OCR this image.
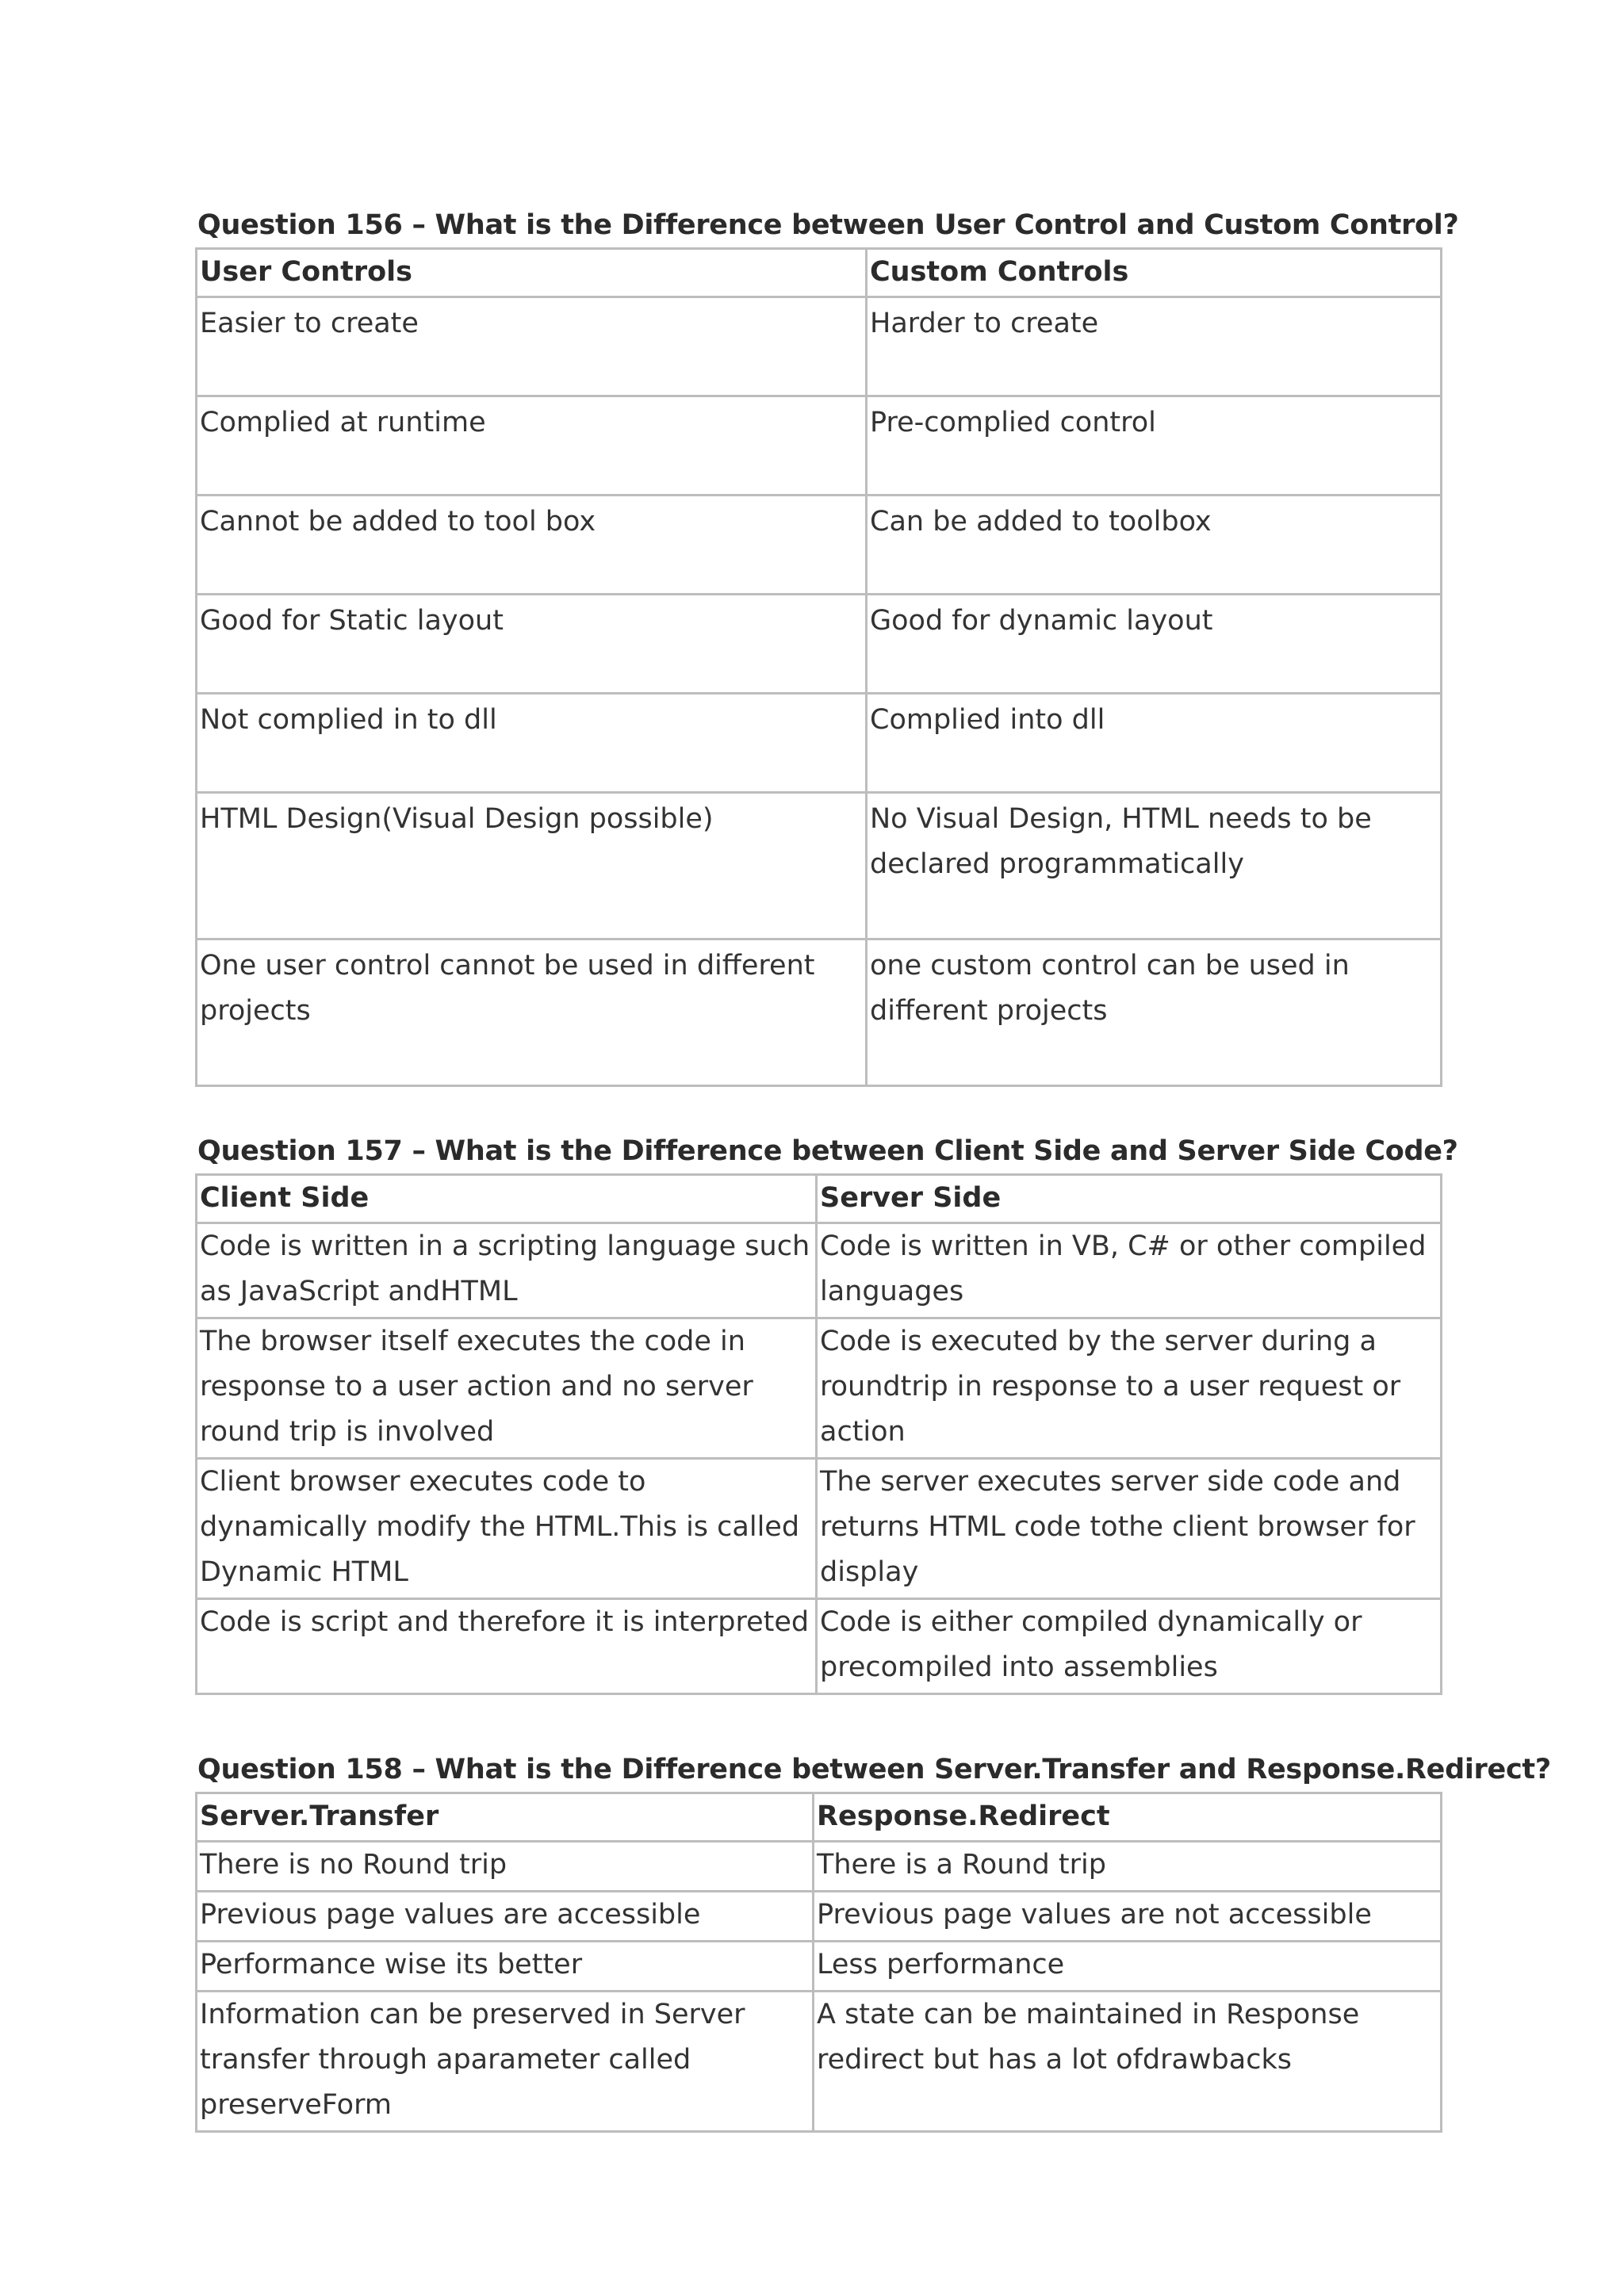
Question 156 – What is the Difference between User Control and Custom Control?
User Controls	Custom Controls
Easier to create	Harder to create
Complied at runtime	Pre-complied control
Cannot be added to tool box	Can be added to toolbox
Good for Static layout	Good for dynamic layout
Not complied in to dll	Complied into dll
HTML Design(Visual Design possible)	No Visual Design, HTML needs to be declared programmatically
One user control cannot be used in different projects	one custom control can be used in different projects
Question 157 – What is the Difference between Client Side and Server Side Code?
Client Side	Server Side
Code is written in a scripting language such as JavaScript andHTML	Code is written in VB, C# or other compiled languages
The browser itself executes the code in response to a user action and no server round trip is involved	Code is executed by the server during a roundtrip in response to a user request or action
Client browser executes code to dynamically modify the HTML.This is called Dynamic HTML	The server executes server side code and returns HTML code tothe client browser for display
Code is script and therefore it is interpreted	Code is either compiled dynamically or precompiled into assemblies
Question 158 – What is the Difference between Server.Transfer and Response.Redirect?
Server.Transfer	Response.Redirect
There is no Round trip	There is a Round trip
Previous page values are accessible	Previous page values are not accessible
Performance wise its better	Less performance
Information can be preserved in Server transfer through aparameter called preserveForm	A state can be maintained in Response redirect but has a lot ofdrawbacks
